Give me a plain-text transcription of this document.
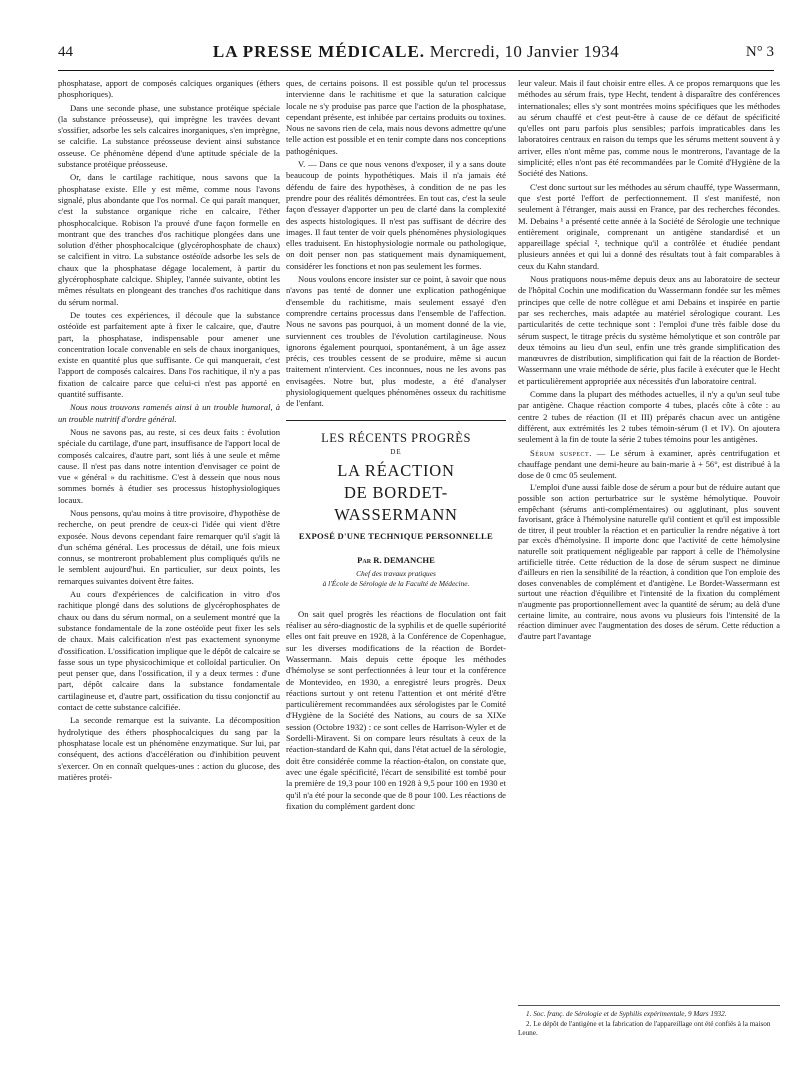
44	LA PRESSE MÉDICALE. Mercredi, 10 Janvier 1934	N° 3

phosphatase, apport de composés calciques organiques (éthers phosphoriques).

Dans une seconde phase, une substance protéique spéciale (la substance préosseuse), qui imprègne les travées devant s'ossifier, adsorbe les sels calcaires inorganiques, s'en imprègne, se calcifie. La substance préosseuse devient ainsi substance osseuse. Ce phénomène dépend d'une aptitude spéciale de la substance protéique préosseuse.

Or, dans le cartilage rachitique, nous savons que la phosphatase existe. Elle y est même, comme nous l'avons signalé, plus abondante que l'os normal. Ce qui paraît manquer, c'est la substance organique riche en calcaire, l'éther phosphocalcique. Robison l'a prouvé d'une façon formelle en montrant que des tranches d'os rachitique plongées dans une solution d'éther phosphocalcique (glycérophosphate de chaux) se calcifient in vitro. La substance ostéoïde adsorbe les sels de chaux que la phosphatase dégage localement, à partir du glycérophosphate calcique. Shipley, l'année suivante, obtint les mêmes résultats en plongeant des tranches d'os rachitique dans du sérum normal.

De toutes ces expériences, il découle que la substance ostéoïde est parfaitement apte à fixer le calcaire, que, d'autre part, la phosphatase, indispensable pour amener une concentration locale convenable en sels de chaux inorganiques, existe en quantité plus que suffisante. Ce qui manquerait, c'est l'apport de composés calcaires. Dans l'os rachitique, il n'y a pas fixation de calcaire parce que celui-ci n'est pas apporté en quantité suffisante.

Nous nous trouvons ramenés ainsi à un trouble humoral, à un trouble nutritif d'ordre général.

Nous ne savons pas, au reste, si ces deux faits : évolution spéciale du cartilage, d'une part, insuffisance de l'apport local de composés calcaires, d'autre part, sont liés à une seule et même cause. Il n'est pas dans notre intention d'envisager ce point de vue « général » du rachitisme. C'est à dessein que nous nous sommes bornés à étudier ses processus histophysiologiques locaux.

Nous pensons, qu'au moins à titre provisoire, d'hypothèse de recherche, on peut prendre de ceux-ci l'idée qui vient d'être exposée. Nous devons cependant faire remarquer qu'il s'agit là d'un schéma général. Les processus de détail, une fois mieux connus, se montreront probablement plus compliqués qu'ils ne le semblent aujourd'hui. En particulier, sur deux points, les remarques suivantes doivent être faites.

Au cours d'expériences de calcification in vitro d'os rachitique plongé dans des solutions de glycérophosphates de chaux ou dans du sérum normal, on a seulement montré que la substance fondamentale de la zone ostéoïde peut fixer les sels de chaux. Mais calcification n'est pas exactement synonyme d'ossification. L'ossification implique que le dépôt de calcaire se fasse sous un type physicochimique et colloïdal particulier. On peut penser que, dans l'ossification, il y a deux termes : d'une part, dépôt calcaire dans la substance fondamentale cartilagineuse et, d'autre part, ossification du tissu conjonctif au contact de cette substance calcifiée.

La seconde remarque est la suivante. La décomposition hydrolytique des éthers phosphocalciques du sang par la phosphatase locale est un phénomène enzymatique. Sur lui, par conséquent, des actions d'accélération ou d'inhibition peuvent s'exercer. On en connaît quelques-unes : action du glucose, des matières protéi-

ques, de certains poisons. Il est possible qu'un tel processus intervienne dans le rachitisme et que la saturation calcique locale ne s'y produise pas parce que l'action de la phosphatase, cependant présente, est inhibée par certains produits ou toxines. Nous ne savons rien de cela, mais nous devons admettre qu'une telle action est possible et en tenir compte dans nos conceptions pathogéniques.

V. — Dans ce que nous venons d'exposer, il y a sans doute beaucoup de points hypothétiques. Mais il n'a jamais été défendu de faire des hypothèses, à condition de ne pas les prendre pour des réalités démontrées. En tout cas, c'est la seule façon d'essayer d'apporter un peu de clarté dans la complexité des aspects histologiques. Il n'est pas suffisant de décrire des images. Il faut tenter de voir quels phénomènes physiologiques elles traduisent. En histophysiologie normale ou pathologique, on doit penser non pas statiquement mais dynamiquement, considérer les fonctions et non pas seulement les formes.

Nous voulons encore insister sur ce point, à savoir que nous n'avons pas tenté de donner une explication pathogénique d'ensemble du rachitisme, mais seulement essayé d'en comprendre certains processus dans l'ensemble de l'affection. Nous ne savons pas pourquoi, à un moment donné de la vie, surviennent ces troubles de l'évolution cartilagineuse. Nous ignorons également pourquoi, spontanément, à un âge assez précis, ces troubles cessent de se produire, même si aucun traitement n'intervient. Ces inconnues, nous ne les avons pas envisagées. Notre but, plus modeste, a été d'analyser physiologiquement quelques phénomènes osseux du rachitisme de l'enfant.

LES RÉCENTS PROGRÈS
DE
LA RÉACTION
DE BORDET-WASSERMANN
EXPOSÉ D'UNE TECHNIQUE PERSONNELLE
Par R. DEMANCHE
Chef des travaux pratiques
à l'École de Sérologie de la Faculté de Médecine.

On sait quel progrès les réactions de floculation ont fait réaliser au séro-diagnostic de la syphilis et de quelle supériorité elles ont fait preuve en 1928, à la Conférence de Copenhague, sur les diverses modifications de la réaction de Bordet-Wassermann. Mais depuis cette époque les méthodes d'hémolyse se sont perfectionnées à leur tour et la conférence de Montevideo, en 1930, a enregistré leurs progrès. Deux réactions surtout y ont retenu l'attention et ont mérité d'être particulièrement recommandées aux sérologistes par le Comité d'Hygiène de la Société des Nations, au cours de sa XIXe session (Octobre 1932) : ce sont celles de Harrison-Wyler et de Sordelli-Miravent. Si on compare leurs résultats à ceux de la réaction-standard de Kahn qui, dans l'état actuel de la sérologie, doit être considérée comme la réaction-étalon, on constate que, avec une égale spécificité, l'écart de sensibilité est tombé pour la première de 19,3 pour 100 en 1928 à 9,5 pour 100 en 1930 et qu'il n'a été pour la seconde que de 8 pour 100. Les réactions de fixation du complément gardent donc

leur valeur. Mais il faut choisir entre elles. A ce propos remarquons que les méthodes au sérum frais, type Hecht, tendent à disparaître des conférences internationales; elles s'y sont montrées moins spécifiques que les méthodes au sérum chauffé et c'est peut-être à cause de ce défaut de spécificité qu'elles ont paru parfois plus sensibles; parfois impraticables dans les laboratoires centraux en raison du temps que les sérums mettent souvent à y arriver, elles n'ont même pas, comme nous le montrerons, l'avantage de la simplicité; elles n'ont pas été recommandées par le Comité d'Hygiène de la Société des Nations.

C'est donc surtout sur les méthodes au sérum chauffé, type Wassermann, que s'est porté l'effort de perfectionnement. Il s'est manifesté, non seulement à l'étranger, mais aussi en France, par des recherches fécondes. M. Debains ¹ a présenté cette année à la Société de Sérologie une technique entièrement originale, comprenant un antigène standardisé et un appareillage spécial ², technique qu'il a contrôlée et étudiée pendant plusieurs années et qui lui a donné des résultats tout à fait comparables à ceux du Kahn standard.

Nous pratiquons nous-même depuis deux ans au laboratoire de secteur de l'hôpital Cochin une modification du Wassermann fondée sur les mêmes principes que celle de notre collègue et ami Debains et inspirée en partie par ses recherches, mais adaptée au matériel sérologique courant. Les particularités de cette technique sont : l'emploi d'une très faible dose du sérum suspect, le titrage précis du système hémolytique et son contrôle par deux témoins au lieu d'un seul, enfin une très grande simplification des manœuvres de distribution, simplification qui fait de la réaction de Bordet-Wassermann une vraie méthode de série, plus facile à exécuter que le Hecht et particulièrement appropriée aux nécessités d'un laboratoire central.

Comme dans la plupart des méthodes actuelles, il n'y a qu'un seul tube par antigène. Chaque réaction comporte 4 tubes, placés côte à côte : au centre 2 tubes de réaction (II et III) préparés chacun avec un antigène différent, aux extrémités les 2 tubes témoin-sérum (I et IV). On ajoutera seulement à la fin de toute la série 2 tubes témoins pour les antigènes.

Sérum suspect. — Le sérum à examiner, après centrifugation et chauffage pendant une demi-heure au bain-marie à + 56°, est distribué à la dose de 0 cmc 05 seulement.

L'emploi d'une aussi faible dose de sérum a pour but de réduire autant que possible son action perturbatrice sur le système hémolytique. Pouvoir empêchant (sérums anti-complémentaires) ou agglutinant, plus souvent favorisant, grâce à l'hémolysine naturelle qu'il contient et qu'il est impossible de titrer, il peut troubler la réaction et en particulier la rendre négative à tort par excès d'hémolysine. Il importe donc que l'activité de cette hémolysine naturelle soit pratiquement négligeable par rapport à celle de l'hémolysine artificielle titrée. Cette réduction de la dose de sérum suspect ne diminue d'ailleurs en rien la sensibilité de la réaction, à condition que l'on emploie des doses convenables de complément et d'antigène. Le Bordet-Wassermann est surtout une réaction d'équilibre et l'intensité de la fixation du complément n'augmente pas proportionnellement avec la quantité de sérum; au delà d'une certaine limite, au contraire, nous avons vu plusieurs fois l'intensité de la réaction diminuer avec l'augmentation des doses de sérum. Cette réduction a d'autre part l'avantage

1. Soc. franç. de Sérologie et de Syphilis expérimentale, 9 Mars 1932.

2. Le dépôt de l'antigène et la fabrication de l'appareillage ont été confiés à la maison Leune.
